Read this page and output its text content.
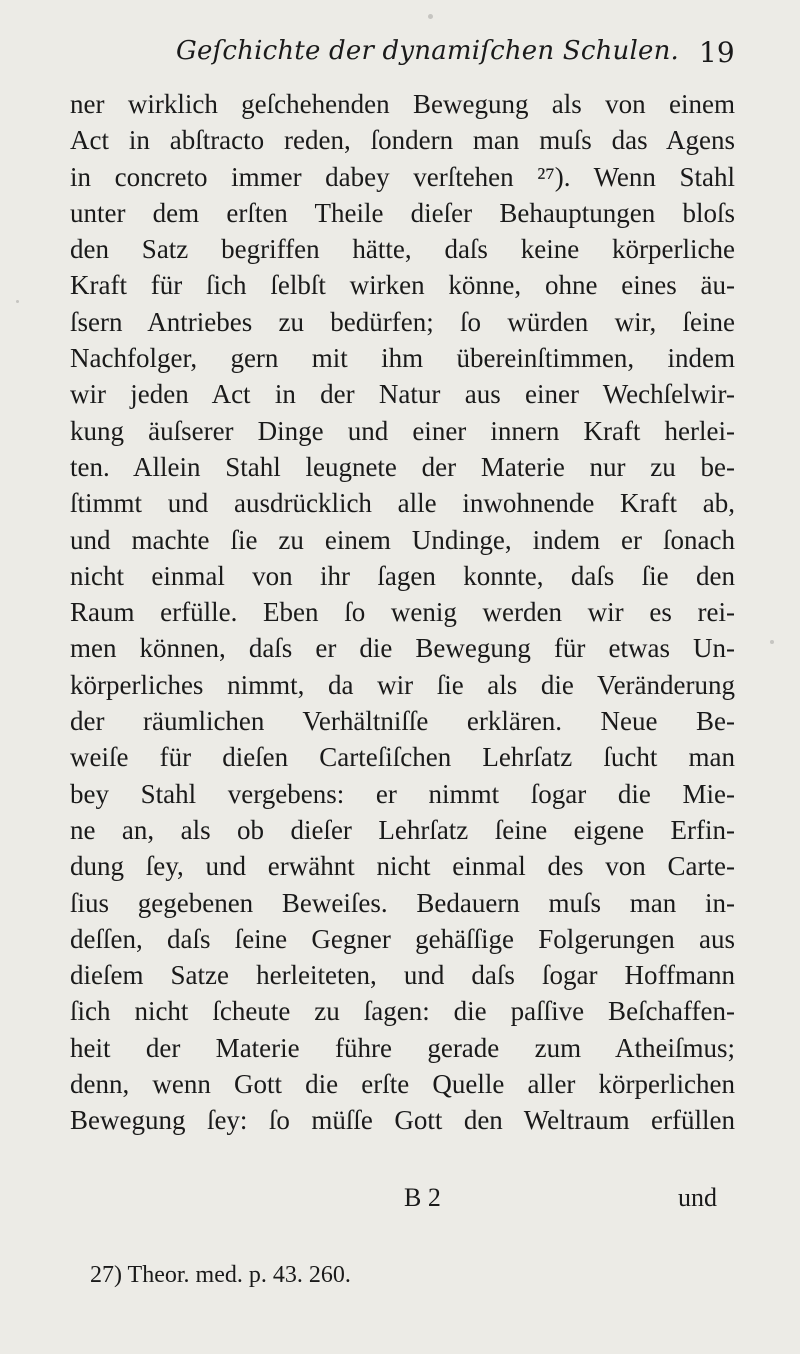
Geſchichte der dynamiſchen Schulen. 19
ner wirklich geſchehenden Bewegung als von einem
Act in abſtracto reden, ſondern man muſs das Agens
in concreto immer dabey verſtehen ²⁷). Wenn Stahl
unter dem erſten Theile dieſer Behauptungen bloſs
den Satz begriffen hätte, daſs keine körperliche
Kraft für ſich ſelbſt wirken könne, ohne eines äu-
ſsern Antriebes zu bedürfen; ſo würden wir, ſeine
Nachfolger, gern mit ihm übereinſtimmen, indem
wir jeden Act in der Natur aus einer Wechſelwir-
kung äuſserer Dinge und einer innern Kraft herlei-
ten. Allein Stahl leugnete der Materie nur zu be-
ſtimmt und ausdrücklich alle inwohnende Kraft ab,
und machte ſie zu einem Undinge, indem er ſonach
nicht einmal von ihr ſagen konnte, daſs ſie den
Raum erfülle. Eben ſo wenig werden wir es rei-
men können, daſs er die Bewegung für etwas Un-
körperliches nimmt, da wir ſie als die Veränderung
der räumlichen Verhältniſſe erklären. Neue Be-
weiſe für dieſen Carteſiſchen Lehrſatz ſucht man
bey Stahl vergebens: er nimmt ſogar die Mie-
ne an, als ob dieſer Lehrſatz ſeine eigene Erfin-
dung ſey, und erwähnt nicht einmal des von Carte-
ſius gegebenen Beweiſes. Bedauern muſs man in-
deſſen, daſs ſeine Gegner gehäſſige Folgerungen aus
dieſem Satze herleiteten, und daſs ſogar Hoffmann
ſich nicht ſcheute zu ſagen: die paſſive Beſchaffen-
heit der Materie führe gerade zum Atheiſmus;
denn, wenn Gott die erſte Quelle aller körperlichen
Bewegung ſey: ſo müſſe Gott den Weltraum erfüllen
B 2	und
27) Theor. med. p. 43. 260.
